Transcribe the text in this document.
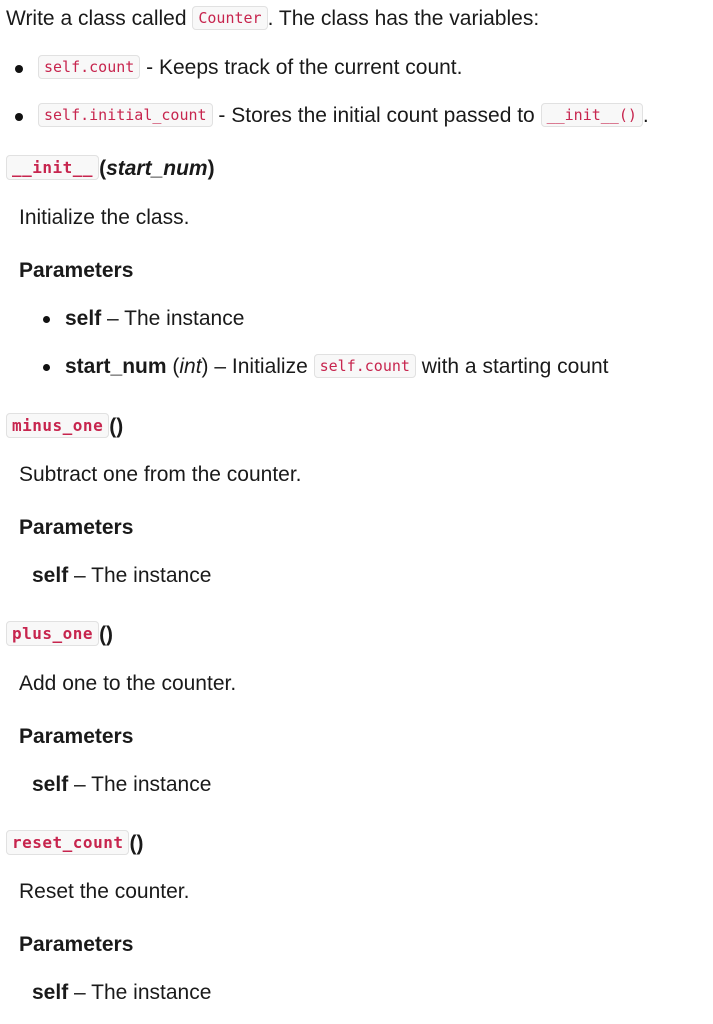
Write a class called Counter . The class has the variables:
self.count - Keeps track of the current count.
self.initial_count - Stores the initial count passed to __init__() .
__init__ (start_num)
Initialize the class.
Parameters
self – The instance
start_num (int) – Initialize self.count with a starting count
minus_one ()
Subtract one from the counter.
Parameters
self – The instance
plus_one ()
Add one to the counter.
Parameters
self – The instance
reset_count ()
Reset the counter.
Parameters
self – The instance
